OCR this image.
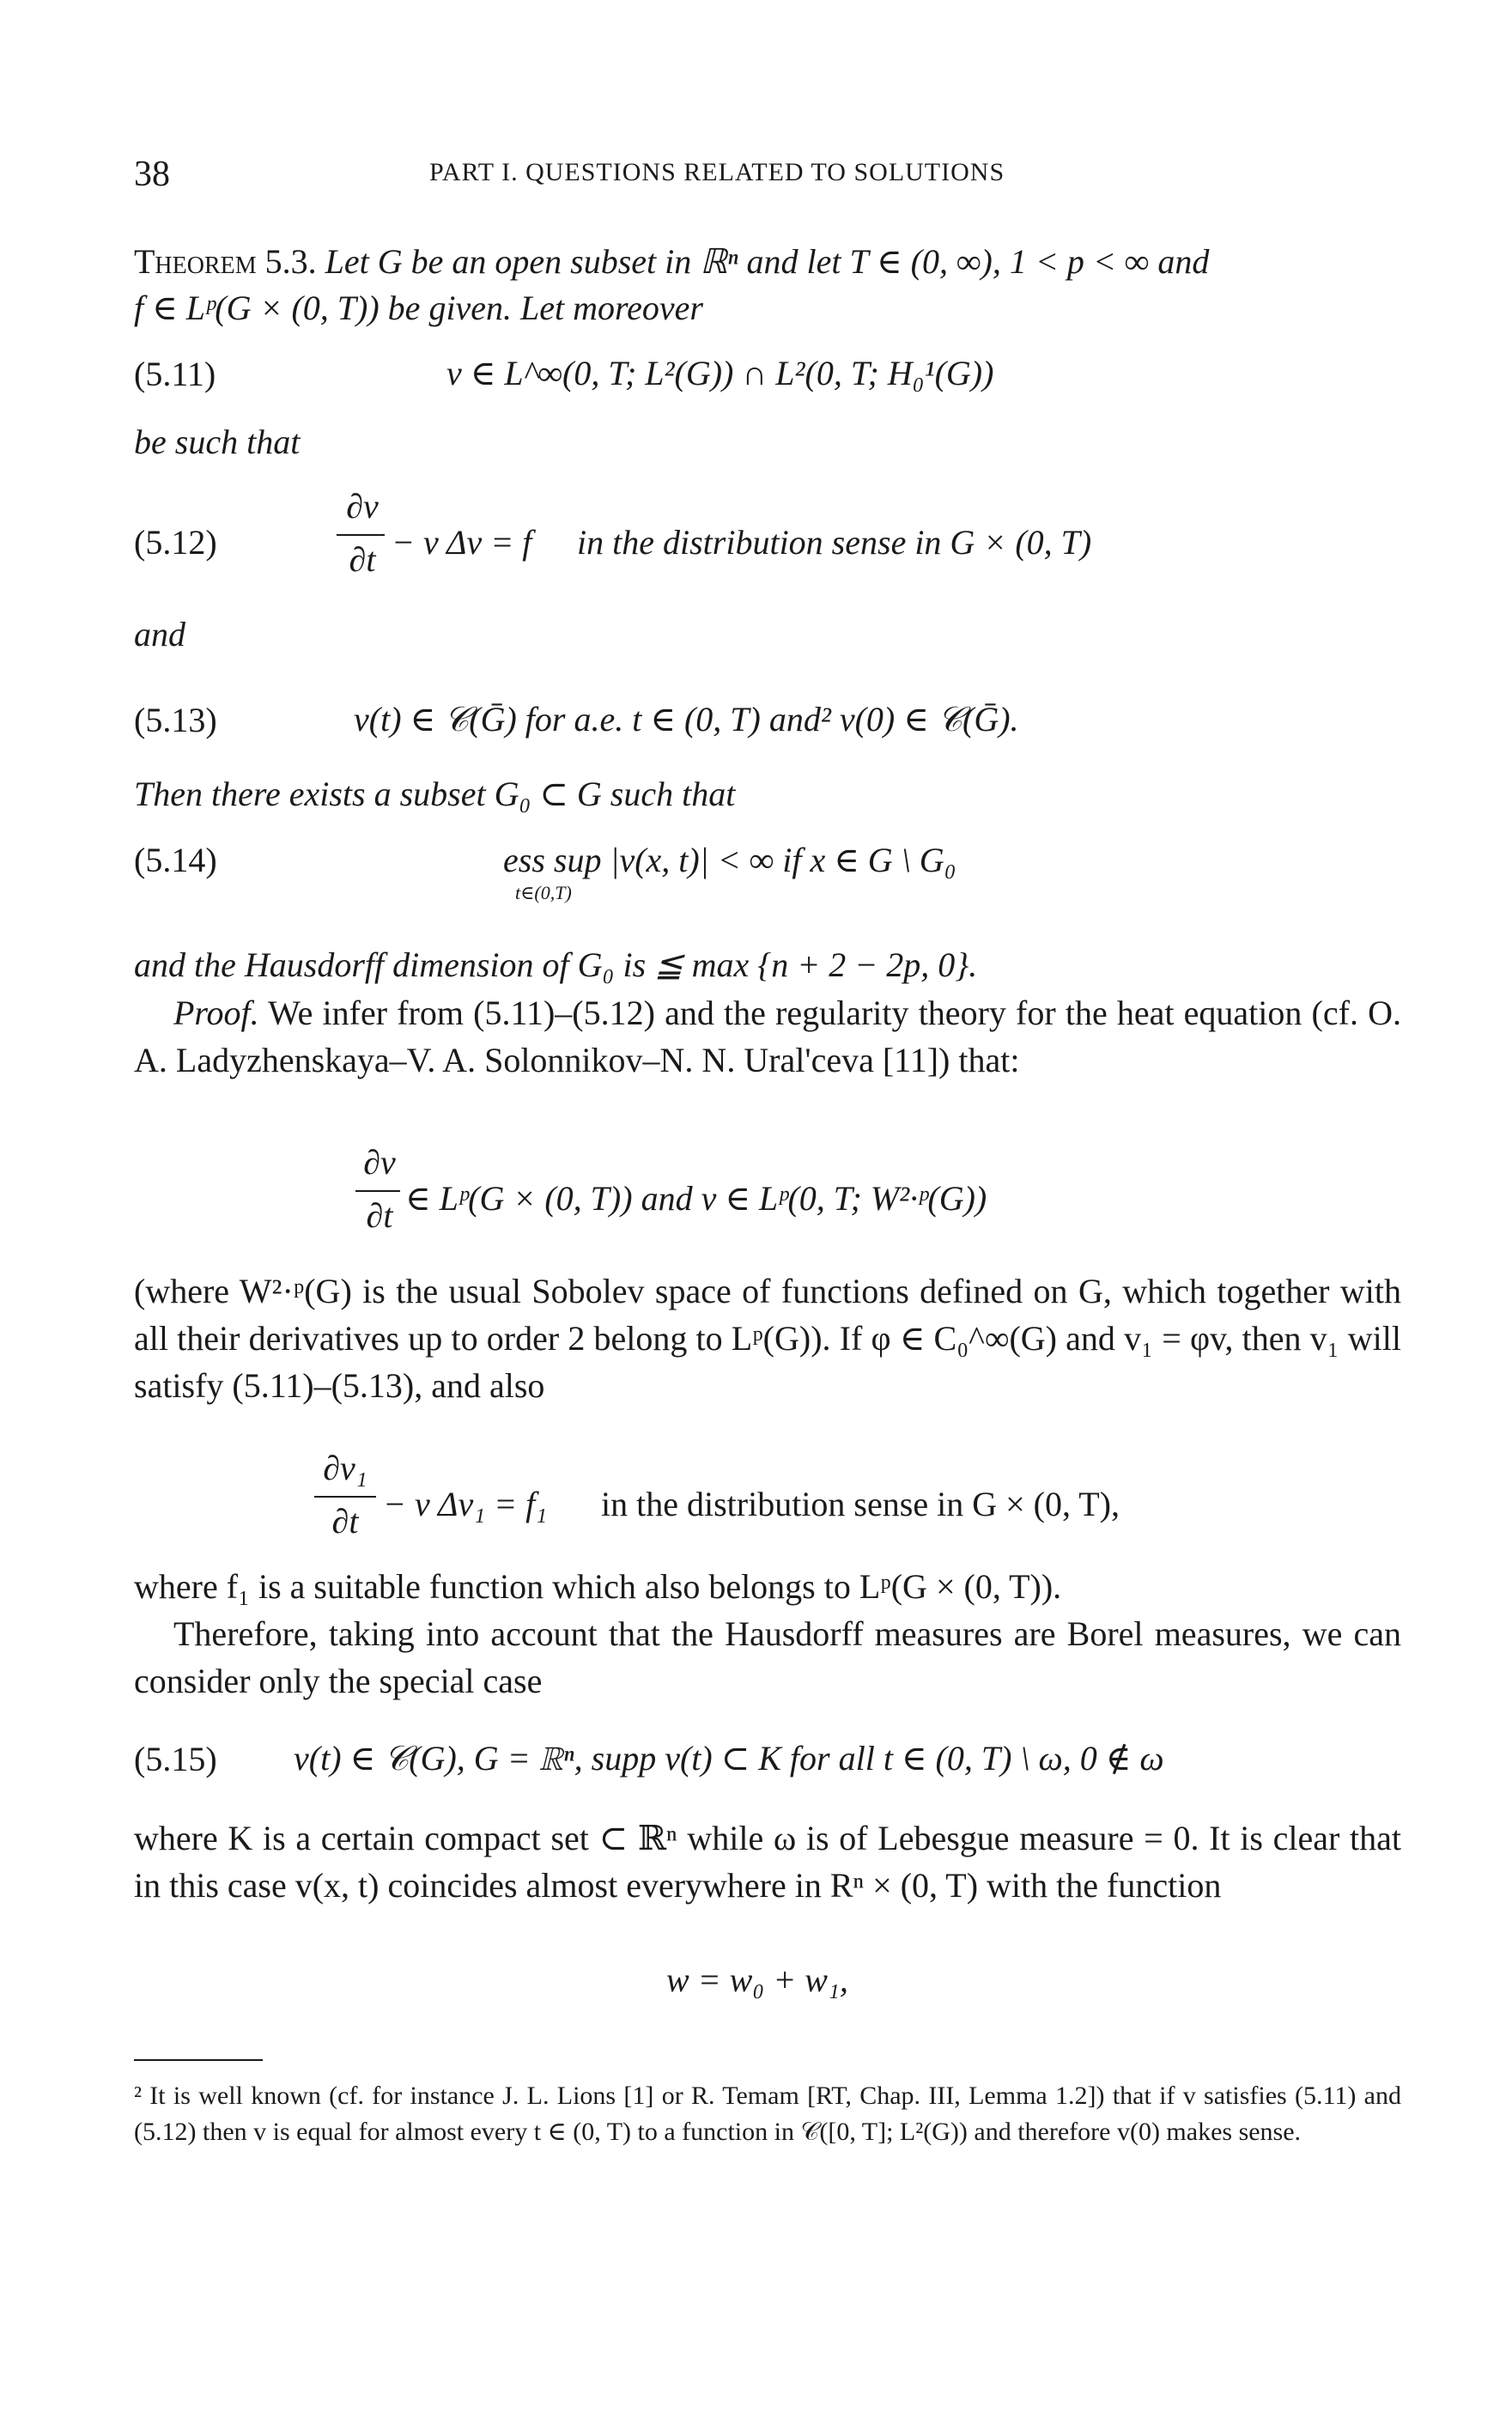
38	PART I. QUESTIONS RELATED TO SOLUTIONS
Theorem 5.3. Let G be an open subset in ℝⁿ and let T ∈ (0, ∞), 1 < p < ∞ and
f ∈ Lᵖ(G × (0, T)) be given. Let moreover
(5.11)	v ∈ L^∞(0, T; L²(G)) ∩ L²(0, T; H₀¹(G))
be such that
(5.12)
∂v
∂t − ν Δv = f in the distribution sense in G × (0, T)
and
(5.13)	v(t) ∈ 𝒞(Ḡ) for a.e. t ∈ (0, T) and² v(0) ∈ 𝒞(Ḡ).
Then there exists a subset G₀ ⊂ G such that
(5.14)	ess sup |v(x, t)| < ∞ if x ∈ G \ G₀
t∈(0,T)
and the Hausdorff dimension of G₀ is ≦ max {n + 2 − 2p, 0}.
Proof. We infer from (5.11)–(5.12) and the regularity theory for the heat equation (cf. O. A. Ladyzhenskaya–V. A. Solonnikov–N. N. Ural'ceva [11]) that:
∂v
∂t ∈ Lᵖ(G × (0, T)) and v ∈ Lᵖ(0, T; W²·ᵖ(G))
(where W²·ᵖ(G) is the usual Sobolev space of functions defined on G, which together with all their derivatives up to order 2 belong to Lᵖ(G)). If φ ∈ C₀^∞(G) and v₁ = φv, then v₁ will satisfy (5.11)–(5.13), and also
∂v₁
∂t − ν Δv₁ = f₁ in the distribution sense in G × (0, T),
where f₁ is a suitable function which also belongs to Lᵖ(G × (0, T)).
Therefore, taking into account that the Hausdorff measures are Borel measures, we can consider only the special case
(5.15) v(t) ∈ 𝒞(G), G = ℝⁿ, supp v(t) ⊂ K for all t ∈ (0, T) \ ω, 0 ∉ ω
where K is a certain compact set ⊂ ℝⁿ while ω is of Lebesgue measure = 0. It is clear that in this case v(x, t) coincides almost everywhere in Rⁿ × (0, T) with the function
w = w₀ + w₁,
² It is well known (cf. for instance J. L. Lions [1] or R. Temam [RT, Chap. III, Lemma 1.2]) that if v satisfies (5.11) and (5.12) then v is equal for almost every t ∈ (0, T) to a function in 𝒞([0, T]; L²(G)) and therefore v(0) makes sense.
